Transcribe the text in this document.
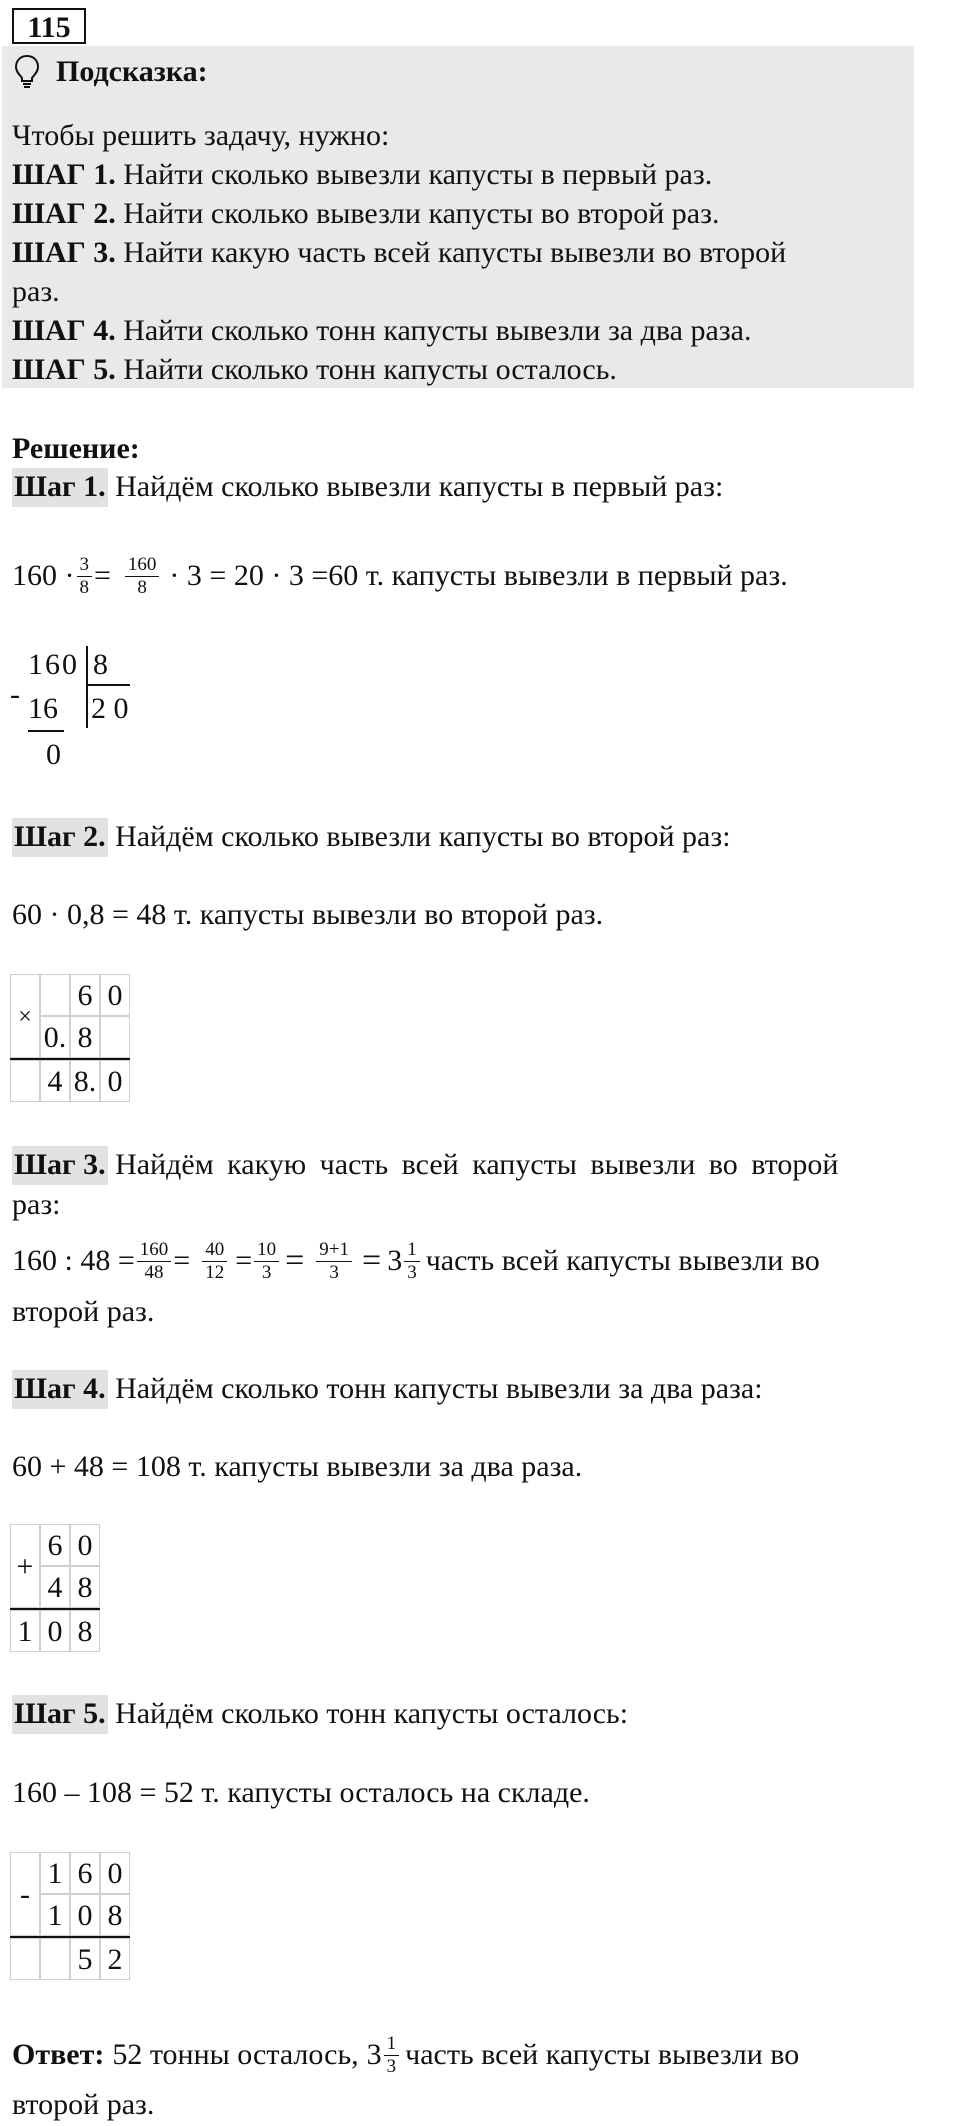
115
Подсказка:
Чтобы решить задачу, нужно:
ШАГ 1. Найти сколько вывезли капусты в первый раз.
ШАГ 2. Найти сколько вывезли капусты во второй раз.
ШАГ 3. Найти какую часть всей капусты вывезли во второй
раз.
ШАГ 4. Найти сколько тонн капусты вывезли за два раза.
ШАГ 5. Найти сколько тонн капусты осталось.
Решение:
Шаг 1. Найдём сколько вывезли капусты в первый раз:
$160 \cdot \frac{3}{8} = \frac{160}{8} \cdot 3 = 20 \cdot 3 =60$ т. капусты вывезли в первый раз.
-
160 8
16 2 0
0
Шаг 2. Найдём сколько вывезли капусты во второй раз:
60 · 0,8 = 48 т. капусты вывезли во второй раз.
×
6 0
0. 8
4 8. 0
Шаг 3. Найдём какую часть всей капусты вывезли во второй
раз:
160 : $48 = \frac{160}{48} = \frac{40}{12} = \frac{10}{3} = \frac{9+1}{3} = 3 \frac{1}{3}$ часть всей капусты вывезли во
второй раз.
Шаг 4. Найдём сколько тонн капусты вывезли за два раза:
60 + 48 = 108 т. капусты вывезли за два раза.
+
6 0
4 8
1 0 8
Шаг 5. Найдём сколько тонн капусты осталось:
160 – 108 = 52 т. капусты осталось на складе.
-
1 6 0
1 0 8
5 2
Ответ: 52 тонны осталось, $3 \frac{1}{3}$ часть всей капусты вывезли во
второй раз.
